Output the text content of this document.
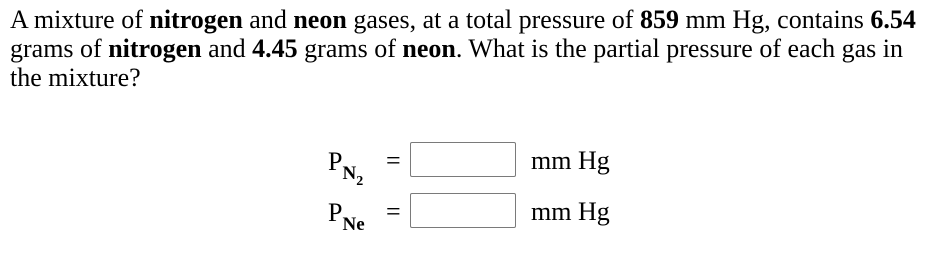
A mixture of nitrogen and neon gases, at a total pressure of 859 mm Hg, contains 6.54 grams of nitrogen and 4.45 grams of neon. What is the partial pressure of each gas in the mixture?

$P_{N_2}$
=	mm Hg
$P_{Ne}$ =	mm Hg
